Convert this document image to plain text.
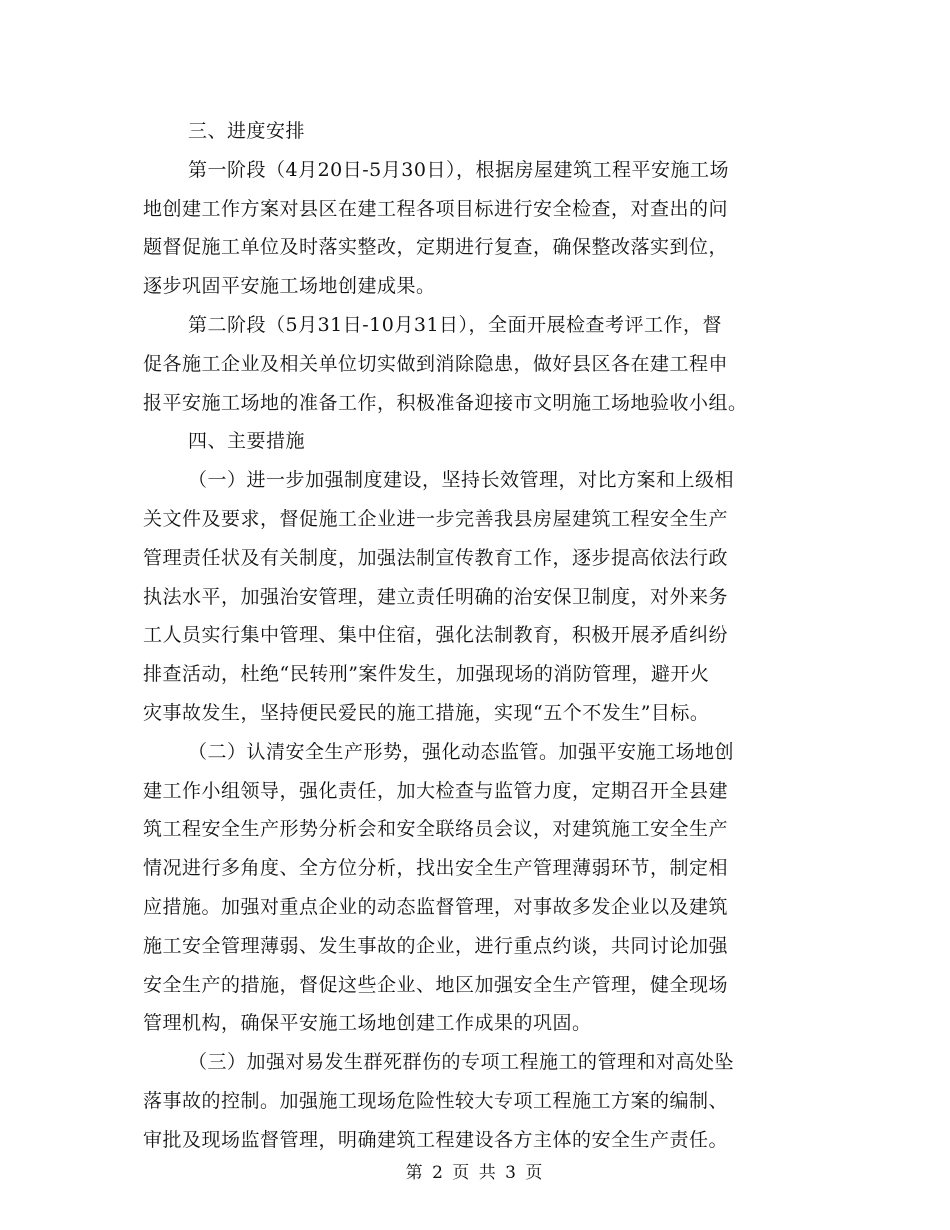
三、进度安排
第一阶段（4月20日-5月30日），根据房屋建筑工程平安施工场
地创建工作方案对县区在建工程各项目标进行安全检查，对查出的问
题督促施工单位及时落实整改，定期进行复查，确保整改落实到位，
逐步巩固平安施工场地创建成果。
第二阶段（5月31日-10月31日），全面开展检查考评工作，督
促各施工企业及相关单位切实做到消除隐患，做好县区各在建工程申
报平安施工场地的准备工作，积极准备迎接市文明施工场地验收小组。
四、主要措施
（一）进一步加强制度建设，坚持长效管理，对比方案和上级相
关文件及要求，督促施工企业进一步完善我县房屋建筑工程安全生产
管理责任状及有关制度，加强法制宣传教育工作，逐步提高依法行政
执法水平，加强治安管理，建立责任明确的治安保卫制度，对外来务
工人员实行集中管理、集中住宿，强化法制教育，积极开展矛盾纠纷
排查活动，杜绝“民转刑”案件发生，加强现场的消防管理，避开火
灾事故发生，坚持便民爱民的施工措施，实现“五个不发生”目标。
（二）认清安全生产形势，强化动态监管。加强平安施工场地创
建工作小组领导，强化责任，加大检查与监管力度，定期召开全县建
筑工程安全生产形势分析会和安全联络员会议，对建筑施工安全生产
情况进行多角度、全方位分析，找出安全生产管理薄弱环节，制定相
应措施。加强对重点企业的动态监督管理，对事故多发企业以及建筑
施工安全管理薄弱、发生事故的企业，进行重点约谈，共同讨论加强
安全生产的措施，督促这些企业、地区加强安全生产管理，健全现场
管理机构，确保平安施工场地创建工作成果的巩固。
（三）加强对易发生群死群伤的专项工程施工的管理和对高处坠
落事故的控制。加强施工现场危险性较大专项工程施工方案的编制、
审批及现场监督管理，明确建筑工程建设各方主体的安全生产责任。
第 2 页 共 3 页
